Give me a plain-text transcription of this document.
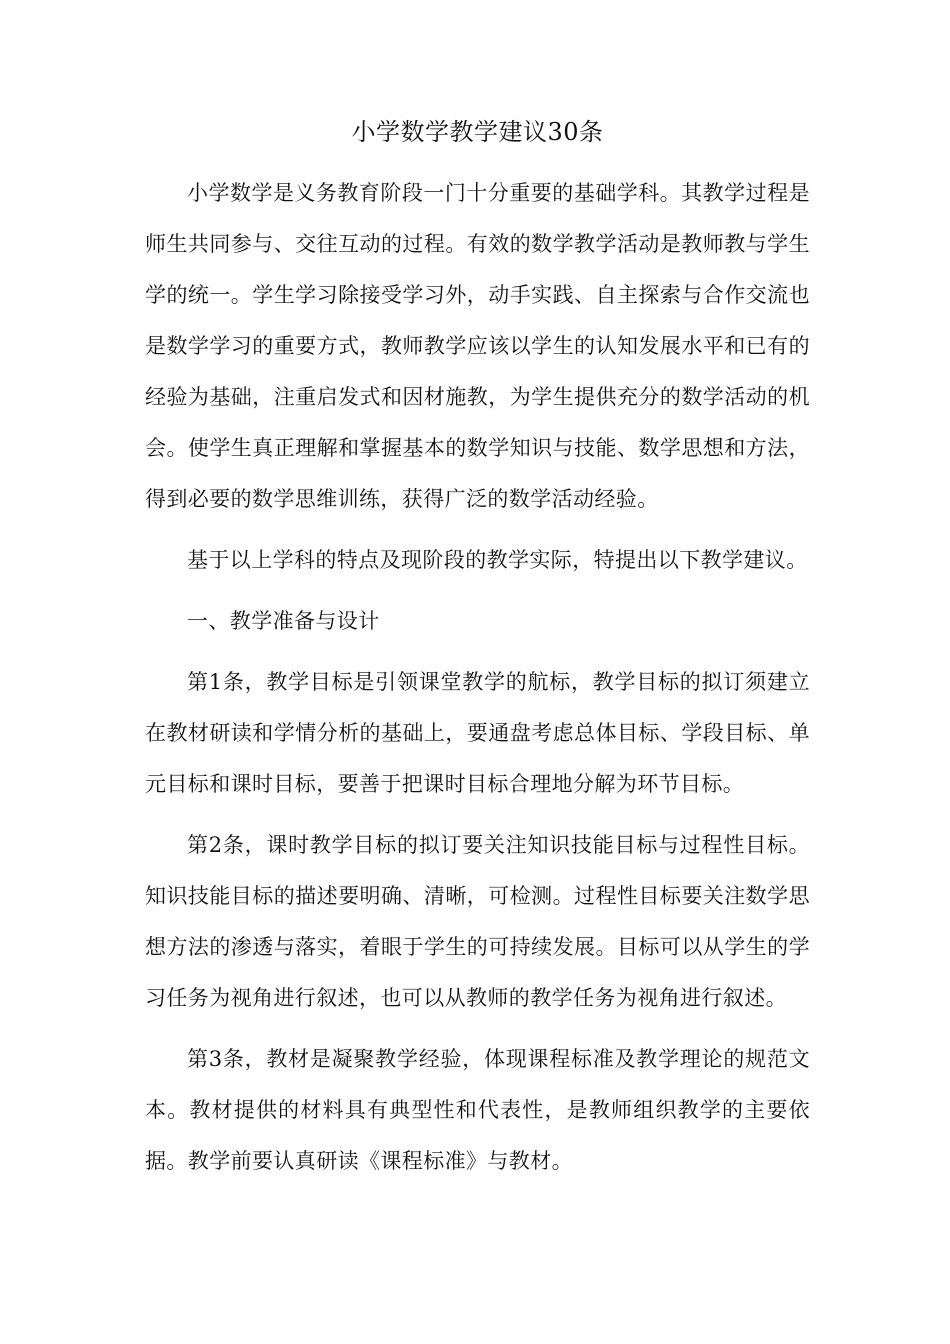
小学数学教学建议30条

小学数学是义务教育阶段一门十分重要的基础学科。其教学过程是师生共同参与、交往互动的过程。有效的数学教学活动是教师教与学生学的统一。学生学习除接受学习外，动手实践、自主探索与合作交流也是数学学习的重要方式，教师教学应该以学生的认知发展水平和已有的经验为基础，注重启发式和因材施教，为学生提供充分的数学活动的机会。使学生真正理解和掌握基本的数学知识与技能、数学思想和方法，得到必要的数学思维训练，获得广泛的数学活动经验。

基于以上学科的特点及现阶段的教学实际，特提出以下教学建议。

一、教学准备与设计

第1条，教学目标是引领课堂教学的航标，教学目标的拟订须建立在教材研读和学情分析的基础上，要通盘考虑总体目标、学段目标、单元目标和课时目标，要善于把课时目标合理地分解为环节目标。

第2条，课时教学目标的拟订要关注知识技能目标与过程性目标。知识技能目标的描述要明确、清晰，可检测。过程性目标要关注数学思想方法的渗透与落实，着眼于学生的可持续发展。目标可以从学生的学习任务为视角进行叙述，也可以从教师的教学任务为视角进行叙述。

第3条，教材是凝聚教学经验，体现课程标准及教学理论的规范文本。教材提供的材料具有典型性和代表性，是教师组织教学的主要依据。教学前要认真研读《课程标准》与教材。
